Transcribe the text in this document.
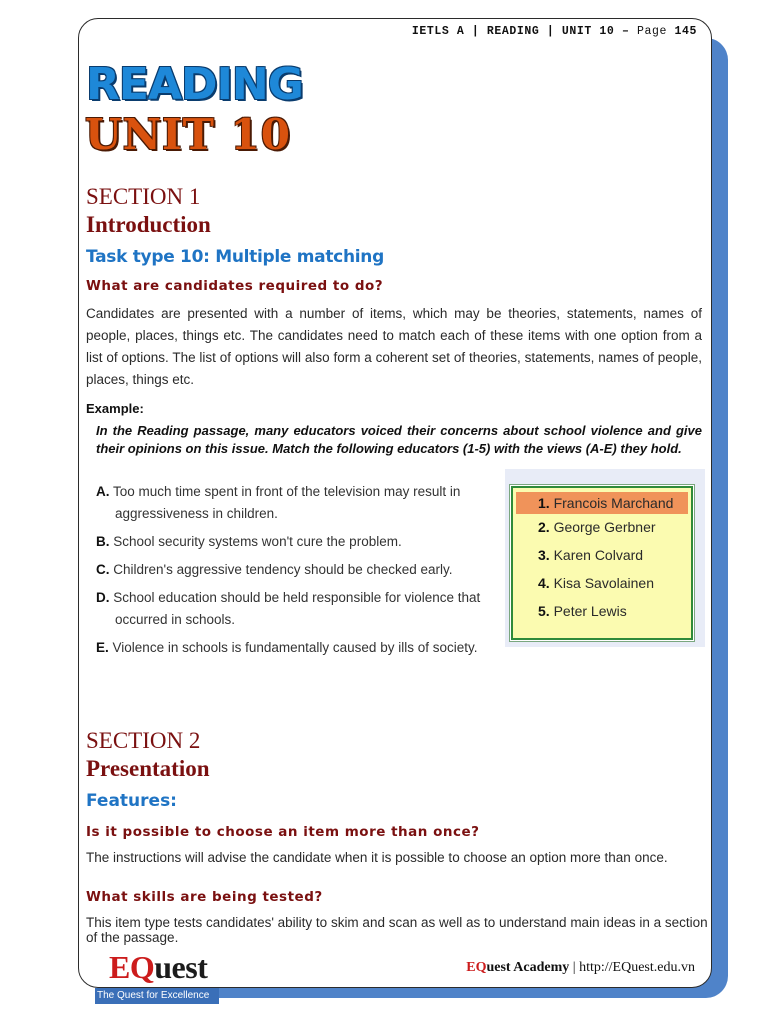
IETLS A | READING | UNIT 10 – Page 145
READING
UNIT 10
SECTION 1
Introduction
Task type 10: Multiple matching
What are candidates required to do?
Candidates are presented with a number of items, which may be theories, statements, names of people, places, things etc. The candidates need to match each of these items with one option from a list of options. The list of options will also form a coherent set of theories, statements, names of people, places, things etc.
Example:
In the Reading passage, many educators voiced their concerns about school violence and give their opinions on this issue. Match the following educators (1-5) with the views (A-E) they hold.
A. Too much time spent in front of the television may result in aggressiveness in children.
B. School security systems won't cure the problem.
C. Children's aggressive tendency should be checked early.
D. School education should be held responsible for violence that occurred in schools.
E. Violence in schools is fundamentally caused by ills of society.
1. Francois Marchand
2. George Gerbner
3. Karen Colvard
4. Kisa Savolainen
5. Peter Lewis
SECTION 2
Presentation
Features:
Is it possible to choose an item more than once?
The instructions will advise the candidate when it is possible to choose an option more than once.
What skills are being tested?
This item type tests candidates' ability to skim and scan as well as to understand main ideas in a section of the passage.
EQuest
The Quest for Excellence
EQuest Academy | http://EQuest.edu.vn
